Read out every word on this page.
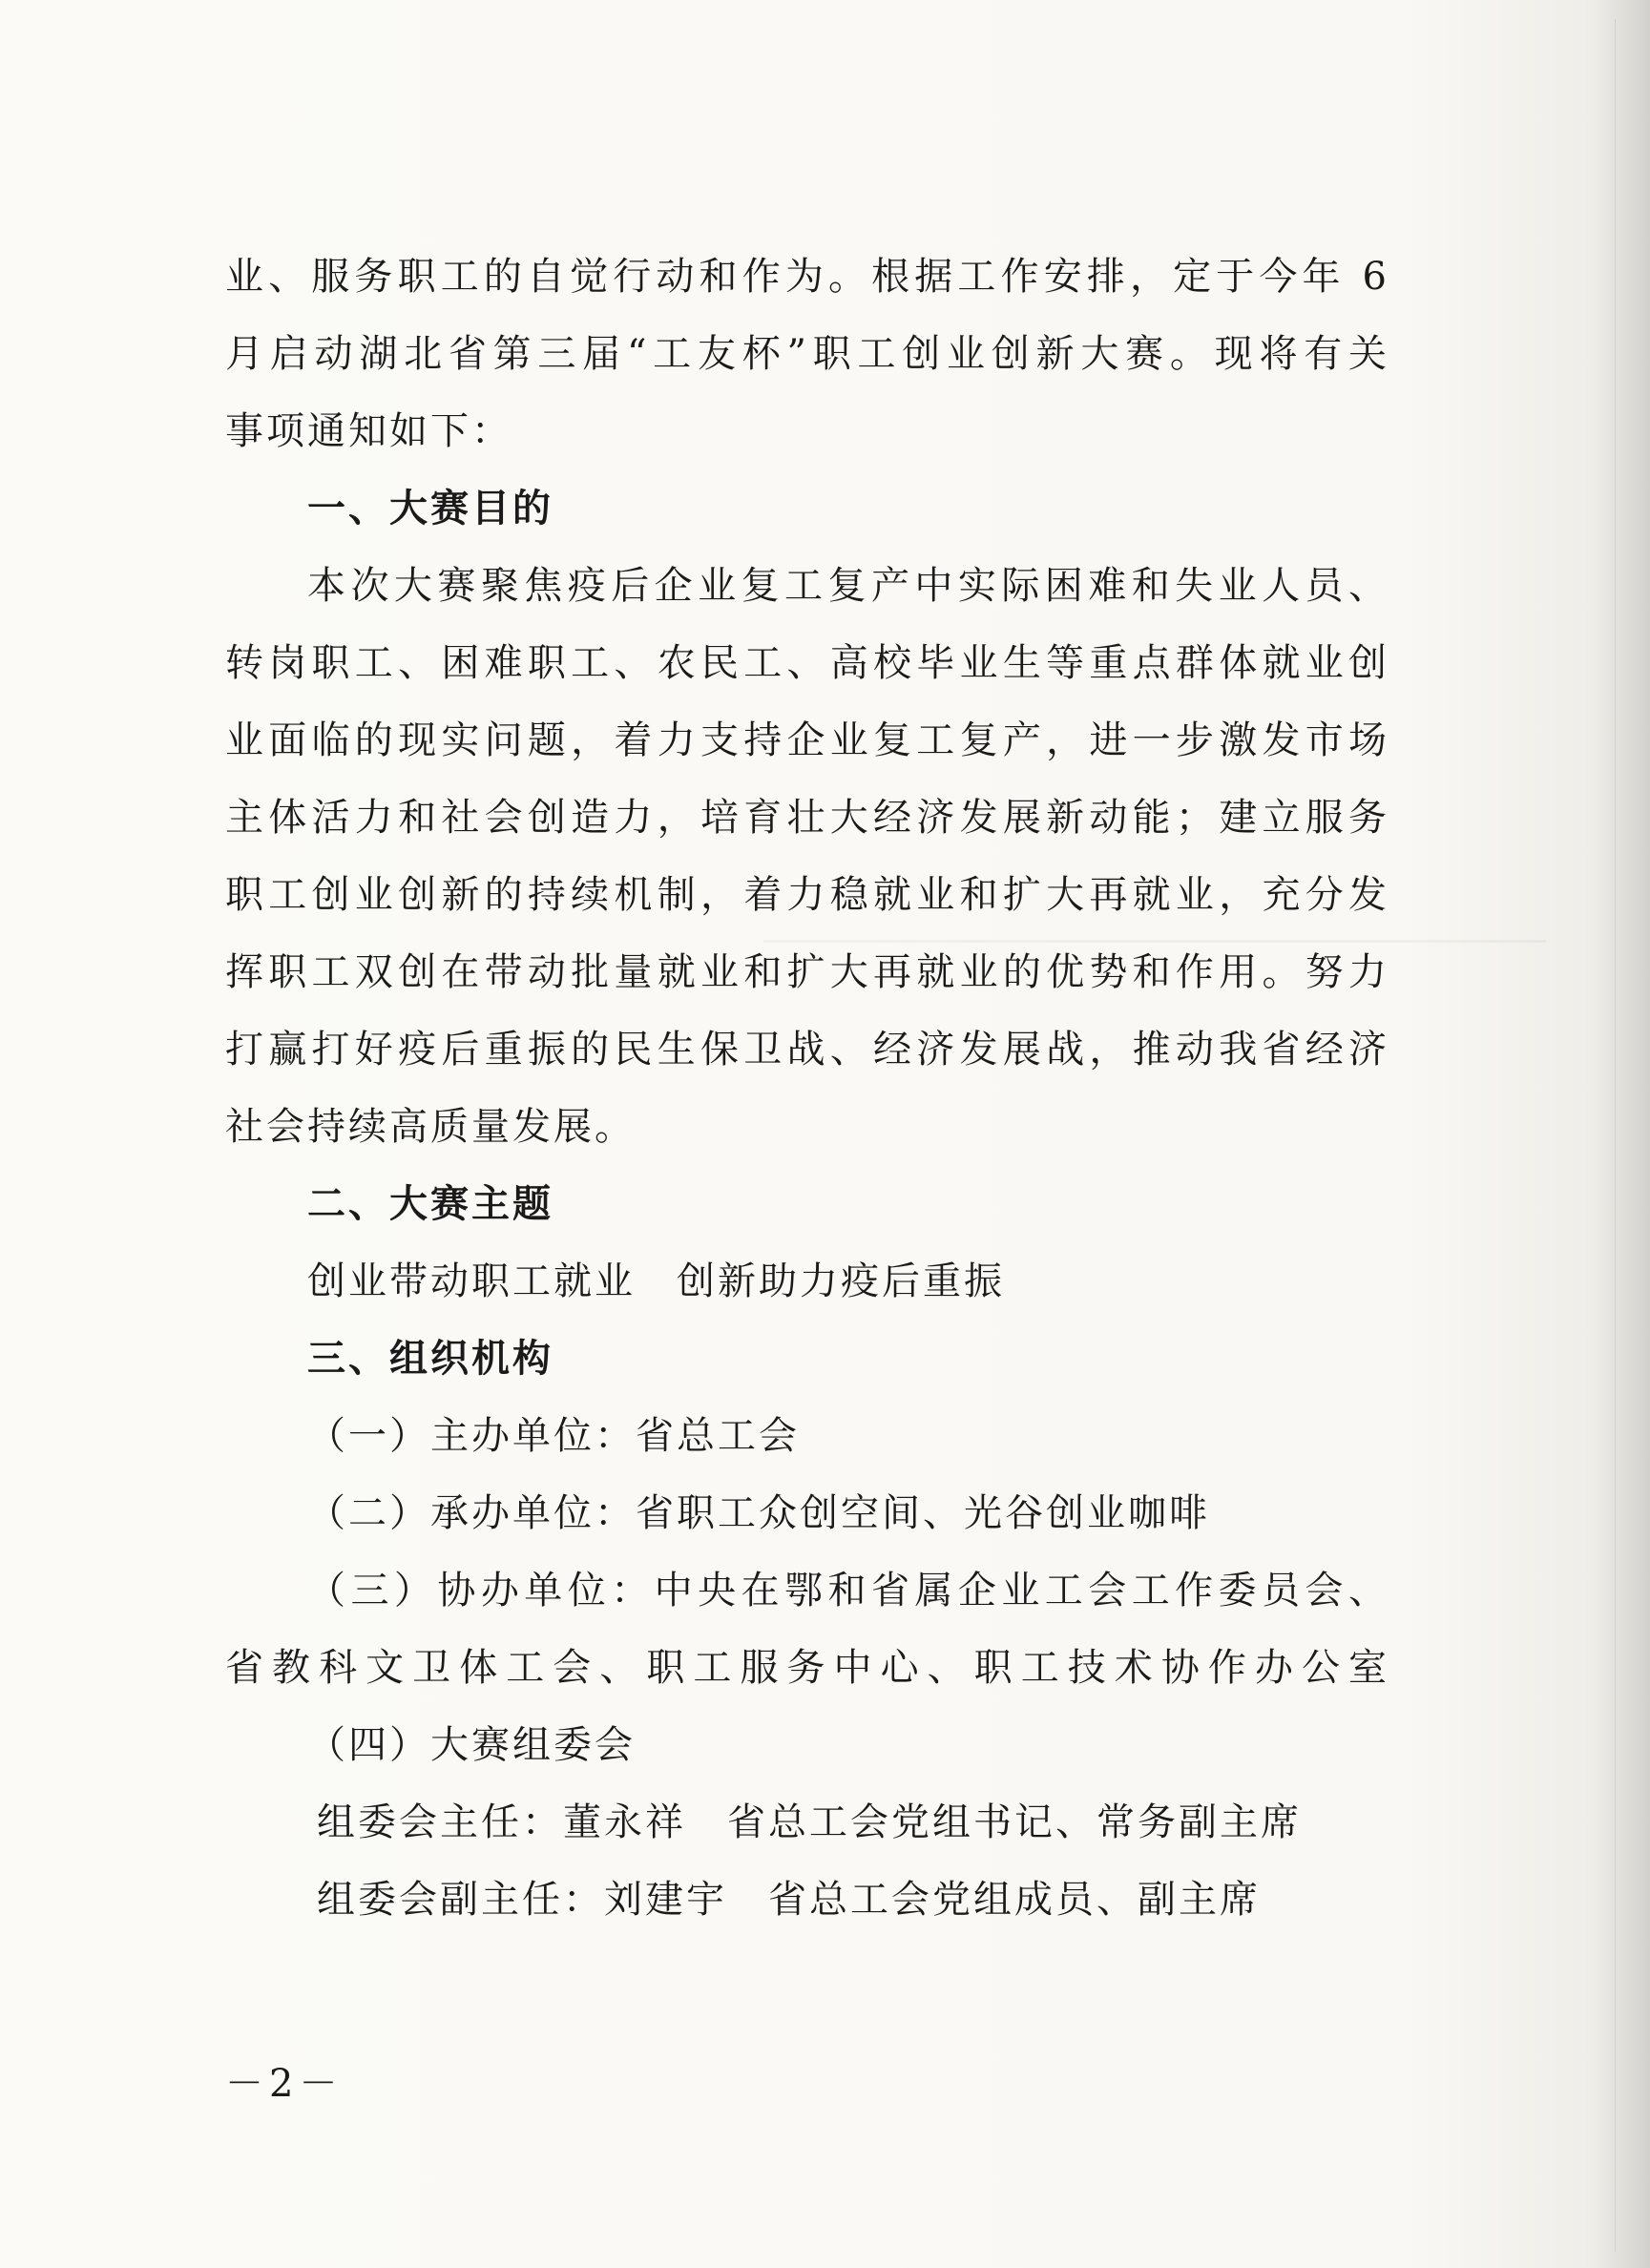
业、服务职工的自觉行动和作为。根据工作安排，定于今年 6
月启动湖北省第三届“工友杯”职工创业创新大赛。现将有关
事项通知如下：
一、大赛目的
本次大赛聚焦疫后企业复工复产中实际困难和失业人员、
转岗职工、困难职工、农民工、高校毕业生等重点群体就业创
业面临的现实问题，着力支持企业复工复产，进一步激发市场
主体活力和社会创造力，培育壮大经济发展新动能；建立服务
职工创业创新的持续机制，着力稳就业和扩大再就业，充分发
挥职工双创在带动批量就业和扩大再就业的优势和作用。努力
打赢打好疫后重振的民生保卫战、经济发展战，推动我省经济
社会持续高质量发展。
二、大赛主题
创业带动职工就业　创新助力疫后重振
三、组织机构
（一）主办单位：省总工会
（二）承办单位：省职工众创空间、光谷创业咖啡
（三）协办单位：中央在鄂和省属企业工会工作委员会、
省教科文卫体工会、职工服务中心、职工技术协作办公室
（四）大赛组委会
组委会主任：董永祥　省总工会党组书记、常务副主席
组委会副主任：刘建宇　省总工会党组成员、副主席
－2－
